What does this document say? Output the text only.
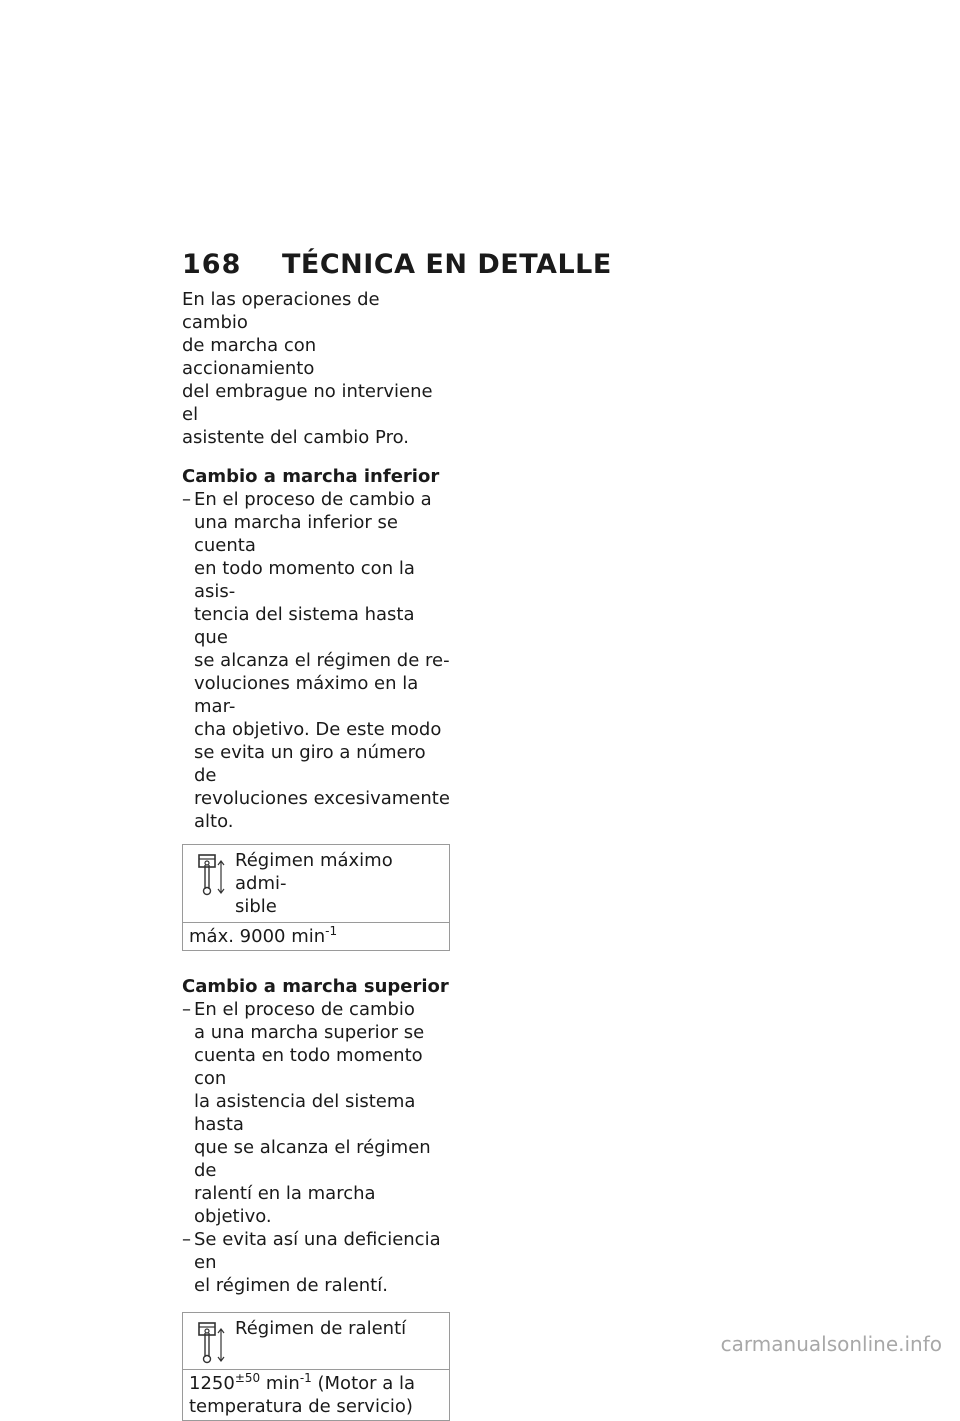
168	TÉCNICA EN DETALLE

En las operaciones de cambio
de marcha con accionamiento
del embrague no interviene el
asistente del cambio Pro.

Cambio a marcha inferior

– En el proceso de cambio a
una marcha inferior se cuenta
en todo momento con la asis-
tencia del sistema hasta que
se alcanza el régimen de re-
voluciones máximo en la mar-
cha objetivo. De este modo
se evita un giro a número de
revoluciones excesivamente
alto.
Régimen máximo admi-
sible
máx. 9000 $\min^{-1}$

Cambio a marcha superior

– En el proceso de cambio
a una marcha superior se
cuenta en todo momento con
la asistencia del sistema hasta
que se alcanza el régimen de
ralentí en la marcha objetivo.
– Se evita así una deficiencia en
el régimen de ralentí.
Régimen de ralentí
$1250^{\pm 50}$ $\min^{-1}$ (Motor a la
temperatura de servicio)
carmanualsonline.info
